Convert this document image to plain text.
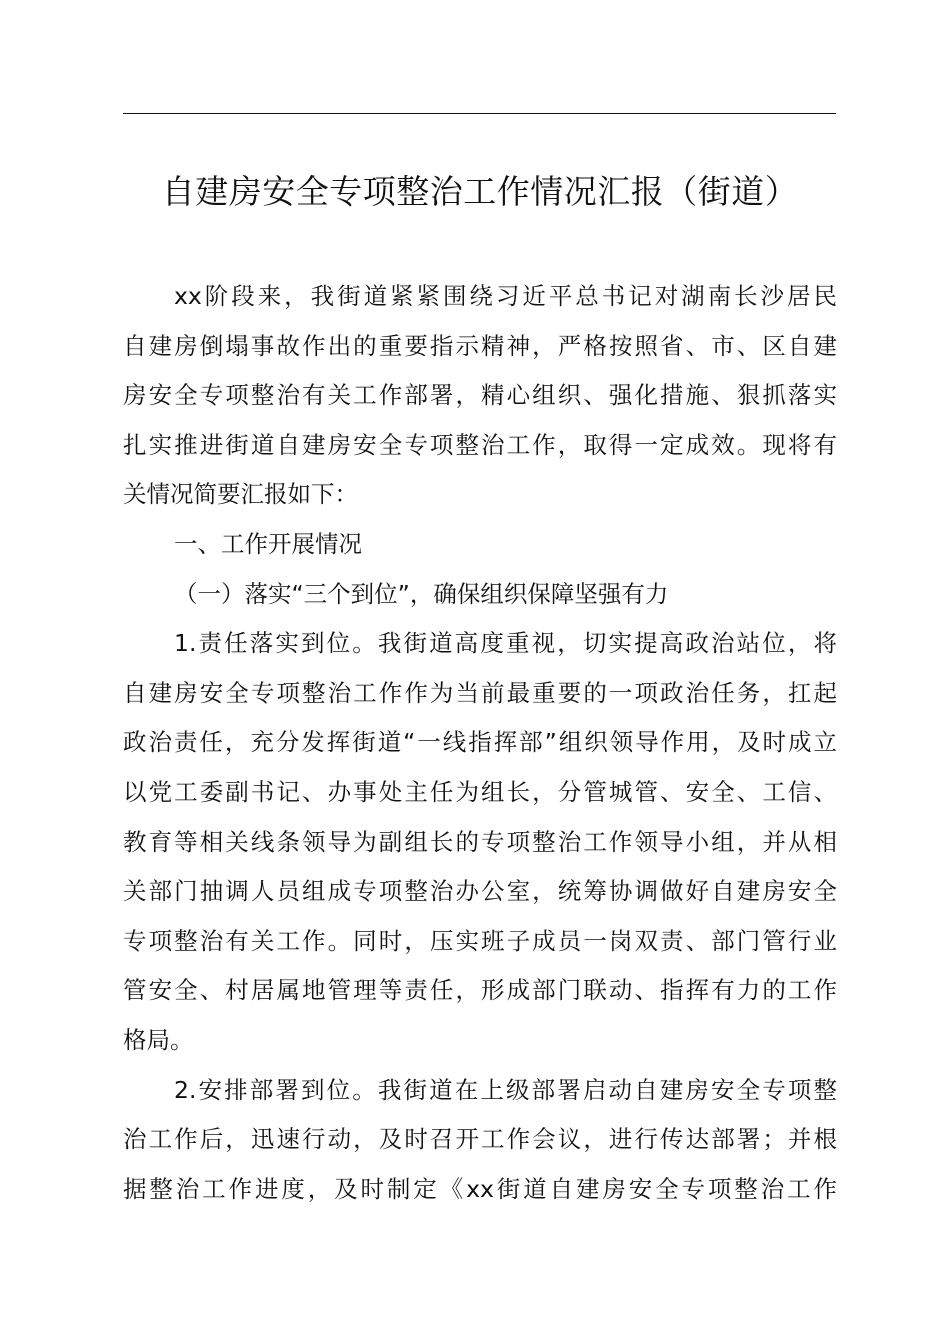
自建房安全专项整治工作情况汇报（街道）
xx阶段来，我街道紧紧围绕习近平总书记对湖南长沙居民
自建房倒塌事故作出的重要指示精神，严格按照省、市、区自建
房安全专项整治有关工作部署，精心组织、强化措施、狠抓落实
扎实推进街道自建房安全专项整治工作，取得一定成效。现将有
关情况简要汇报如下：
一、工作开展情况
（一）落实“三个到位”，确保组织保障坚强有力
1.责任落实到位。我街道高度重视，切实提高政治站位，将
自建房安全专项整治工作作为当前最重要的一项政治任务，扛起
政治责任，充分发挥街道“一线指挥部”组织领导作用，及时成立
以党工委副书记、办事处主任为组长，分管城管、安全、工信、
教育等相关线条领导为副组长的专项整治工作领导小组，并从相
关部门抽调人员组成专项整治办公室，统筹协调做好自建房安全
专项整治有关工作。同时，压实班子成员一岗双责、部门管行业
管安全、村居属地管理等责任，形成部门联动、指挥有力的工作
格局。
2.安排部署到位。我街道在上级部署启动自建房安全专项整
治工作后，迅速行动，及时召开工作会议，进行传达部署；并根
据整治工作进度，及时制定《xx街道自建房安全专项整治工作
